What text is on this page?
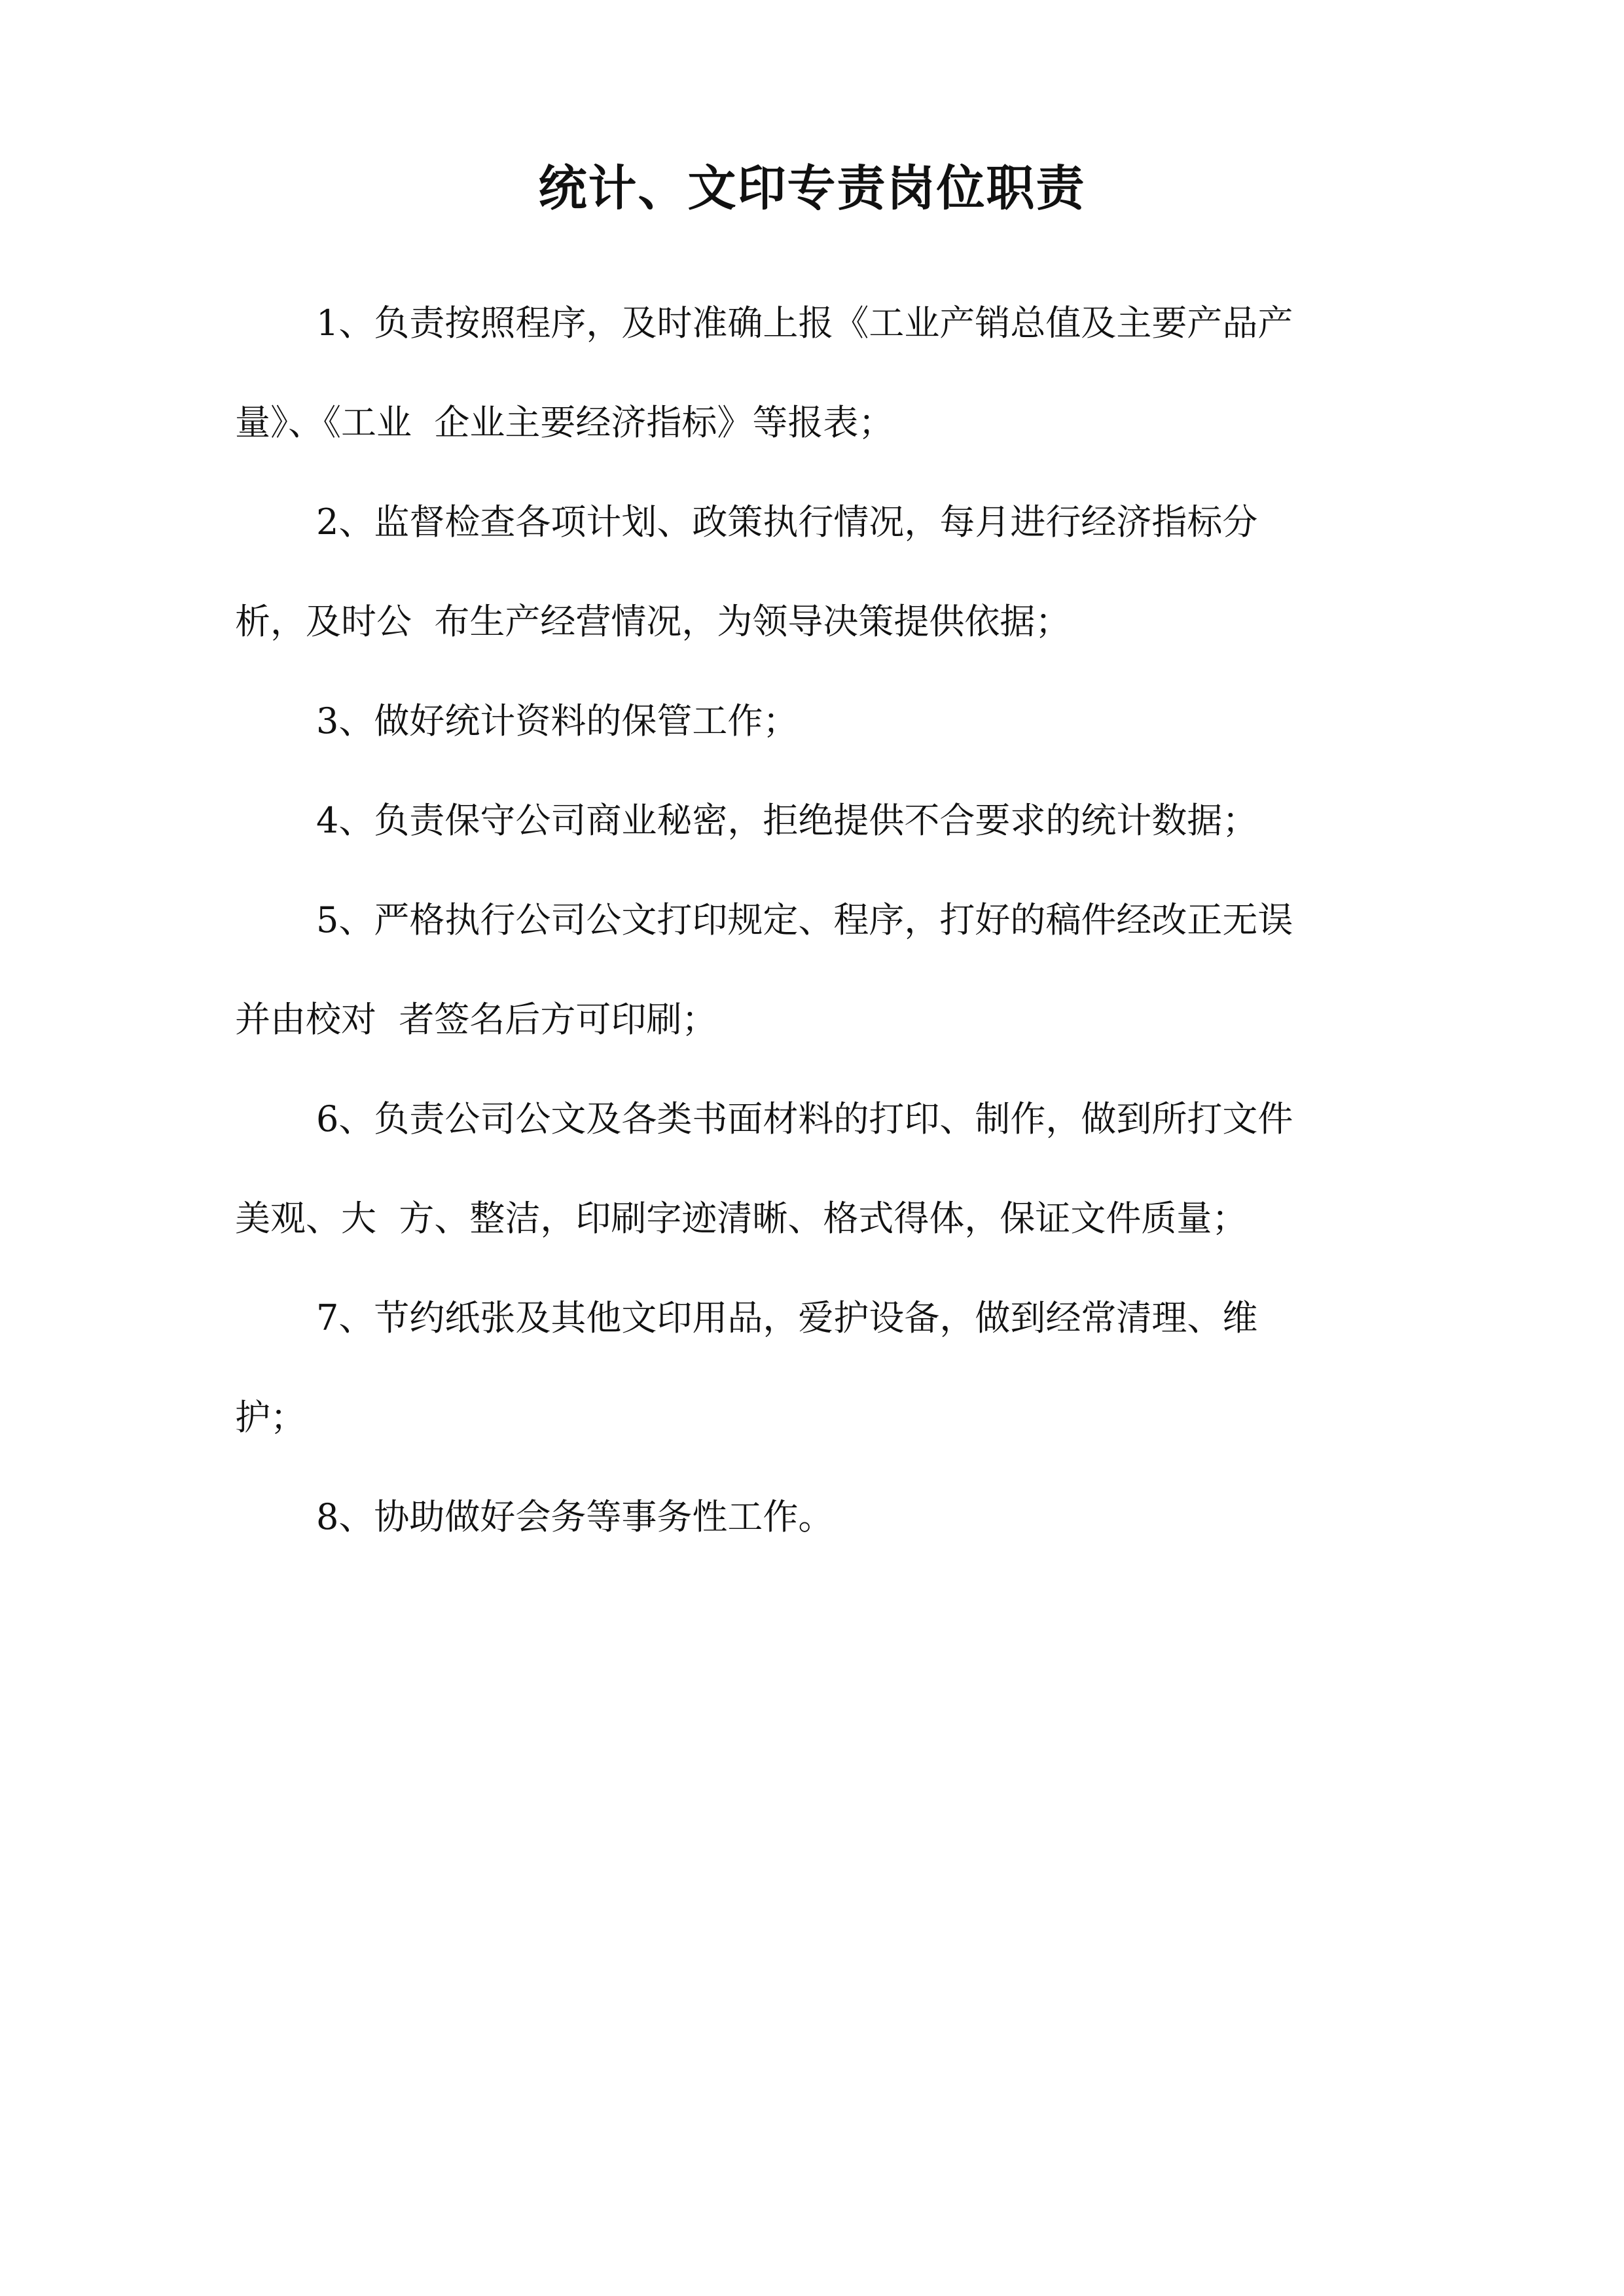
统计、文印专责岗位职责

1、负责按照程序，及时准确上报《工业产销总值及主要产品产
量》、《工业  企业主要经济指标》等报表；

2、监督检查各项计划、政策执行情况，每月进行经济指标分
析，及时公  布生产经营情况，为领导决策提供依据；

3、做好统计资料的保管工作；

4、负责保守公司商业秘密，拒绝提供不合要求的统计数据；

5、严格执行公司公文打印规定、程序，打好的稿件经改正无误
并由校对  者签名后方可印刷；

6、负责公司公文及各类书面材料的打印、制作，做到所打文件
美观、大  方、整洁，印刷字迹清晰、格式得体，保证文件质量；

7、节约纸张及其他文印用品，爱护设备，做到经常清理、维
护；

8、协助做好会务等事务性工作。
